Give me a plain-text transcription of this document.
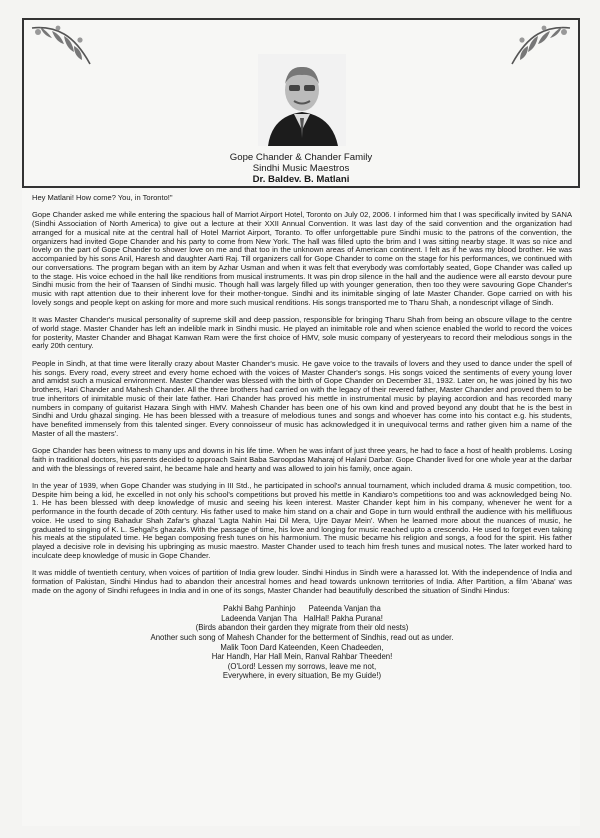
Gope Chander & Chander Family
Sindhi Music Maestros
Dr. Baldev. B. Matlani

Hey Matlani! How come? You, in Toronto!"

Gope Chander asked me while entering the spacious hall of Marriot Airport Hotel, Toronto on July 02, 2006. I informed him that I was specifically invited by SANA (Sindhi Association of North America) to give out a lecture at their XXII Annual Convention. It was last day of the said convention and the organization had arranged for a musical nite at the central hall of Hotel Marriot Airport, Toranto. To offer unforgettable pure Sindhi music to the patrons of the convention, the organizers had invited Gope Chander and his party to come from New York. The hall was filled upto the brim and I was sitting nearby stage. It was so nice and lovely on the part of Gope Chander to shower love on me and that too in the unknown areas of American continent. I felt as if he was my blood brother. He was accompanied by his sons Anil, Haresh and daughter Aarti Raj. Till organizers call for Gope Chander to come on the stage for his performances, we continued with our conversations. The program began with an item by Azhar Usman and when it was felt that everybody was comfortably seated, Gope Chander was called up to the stage. His voice echoed in the hall like renditions from musical instruments. It was pin drop silence in the hall and the audience were all earsto devour pure Sindhi music from the heir of Taansen of Sindhi music. Though hall was largely filled up with younger generation, then too they were savouring Gope Chander's music with rapt attention due to their inherent love for their mother-tongue. Sindhi and its inimitable singing of late Master Chander. Gope carried on with his lovely songs and people kept on asking for more and more such musical renditions. His songs transported me to Tharu Shah, a nondescript village of Sindh.

It was Master Chander's musical personality of supreme skill and deep passion, responsible for bringing Tharu Shah from being an obscure village to the centre of world stage. Master Chander has left an indelible mark in Sindhi music. He played an inimitable role and when science enabled the world to record the voices for posterity, Master Chander and Bhagat Kanwan Ram were the first choice of HMV, sole music company of yesteryears to record their melodious songs in the early 20th century.

People in Sindh, at that time were literally crazy about Master Chander's music. He gave voice to the travails of lovers and they used to dance under the spell of his songs. Every road, every street and every home echoed with the voices of Master Chander's songs. His songs voiced the sentiments of every young lover and amidst such a musical environment. Master Chander was blessed with the birth of Gope Chander on December 31, 1932. Later on, he was joined by his two brothers, Hari Chander and Mahesh Chander. All the three brothers had carried on with the legacy of their revered father, Master Chander and proved them to be true inheritors of inimitable music of their late father. Hari Chander has proved his mettle in instrumental music by playing accordion and has recorded many numbers in company of guitarist Hazara Singh with HMV. Mahesh Chander has been one of his own kind and proved beyond any doubt that he is the best in Sindhi and Urdu ghazal singing. He has been blessed with a treasure of melodious tunes and songs and whoever has come into his contact e.g. his students, have benefited immensely from this talented singer. Every connoisseur of music has acknowledged it in unequivocal terms and rather given him a name of the Master of all the masters'.

Gope Chander has been witness to many ups and downs in his life time. When he was infant of just three years, he had to face a host of health problems. Losing faith in traditional doctors, his parents decided to approach Saint Baba Saroopdas Maharaj of Halani Darbar. Gope Chander lived for one whole year at the darbar and with the blessings of revered saint, he became hale and hearty and was allowed to join his family, once again.

In the year of 1939, when Gope Chander was studying in III Std., he participated in school's annual tournament, which included drama & music competition, too. Despite him being a kid, he excelled in not only his school's competitions but proved his mettle in Kandiaro's competitions too and was acknowledged being No. 1. He has been blessed with deep knowledge of music and seeing his keen interest. Master Chander kept him in his company, whenever he went for a performance in the fourth decade of 20th century. His father used to make him stand on a chair and Gope in turn would enthrall the audience with his mellifluous voice. He used to sing Bahadur Shah Zafar's ghazal 'Lagta Nahin Hai Dil Mera, Ujre Dayar Mein'. When he learned more about the nuances of music, he graduated to singing of K. L. Sehgal's ghazals. With the passage of time, his love and longing for music reached upto a crescendo. He used to forget even taking his meals at the stipulated time. He began composing fresh tunes on his harmonium. The music became his religion and songs, a food for the spirit. His father played a decisive role in devising his upbringing as music maestro. Master Chander used to teach him fresh tunes and musical notes. The later worked hard to inculcate deep knowledge of music in Gope Chander.

It was middle of twentieth century, when voices of partition of India grew louder. Sindhi Hindus in Sindh were a harassed lot. With the independence of India and formation of Pakistan, Sindhi Hindus had to abandon their ancestral homes and head towards unknown territories of India. After Partition, a film 'Abana' was made on the agony of Sindhi refugees in India and in one of its songs, Master Chander had beautifully described the situation of Sindhi Hindus:

Pakhi Bahg Panhinjo      Pateenda Vanjan tha
Ladeenda Vanjan Tha   HalHal! Pakha Purana!
(Birds abandon their garden they migrate from their old nests)
Another such song of Mahesh Chander for the betterment of Sindhis, read out as under.
Malik Toon Dard Kateenden, Keen Chadeeden,
Har Handh, Har Hall Mein, Ranval Rahbar Theeden!
(O'Lord! Lessen my sorrows, leave me not,
Everywhere, in every situation, Be my Guide!)
